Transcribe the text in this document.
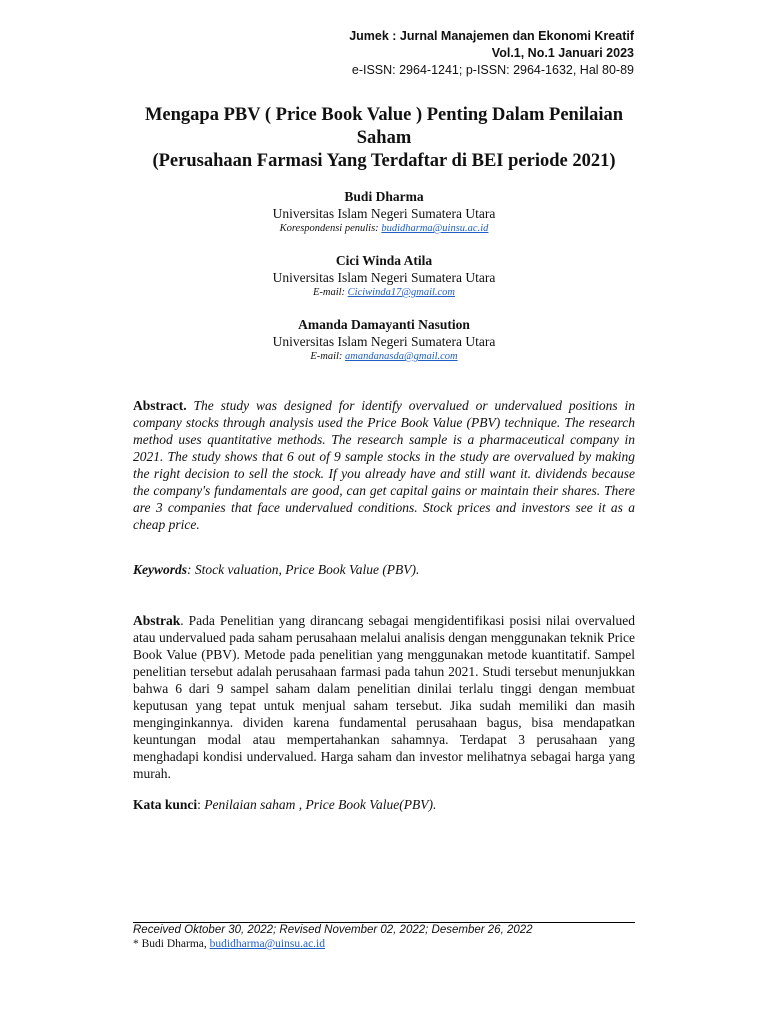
Jumek : Jurnal Manajemen dan Ekonomi Kreatif
Vol.1, No.1 Januari 2023
e-ISSN: 2964-1241; p-ISSN: 2964-1632, Hal 80-89
Mengapa PBV ( Price Book Value ) Penting Dalam Penilaian
Saham
(Perusahaan Farmasi Yang Terdaftar di BEI periode 2021)
Budi Dharma
Universitas Islam Negeri Sumatera Utara
Korespondensi penulis: budidharma@uinsu.ac.id
Cici Winda Atila
Universitas Islam Negeri Sumatera Utara
E-mail: Ciciwinda17@gmail.com
Amanda Damayanti Nasution
Universitas Islam Negeri Sumatera Utara
E-mail: amandanasda@gmail.com
Abstract. The study was designed for identify overvalued or undervalued positions in company stocks through analysis used the Price Book Value (PBV) technique. The research method uses quantitative methods. The research sample is a pharmaceutical company in 2021. The study shows that 6 out of 9 sample stocks in the study are overvalued by making the right decision to sell the stock. If you already have and still want it. dividends because the company's fundamentals are good, can get capital gains or maintain their shares. There are 3 companies that face undervalued conditions. Stock prices and investors see it as a cheap price.
Keywords: Stock valuation, Price Book Value (PBV).
Abstrak. Pada Penelitian yang dirancang sebagai mengidentifikasi posisi nilai overvalued atau undervalued pada saham perusahaan melalui analisis dengan menggunakan teknik Price Book Value (PBV). Metode pada penelitian yang menggunakan metode kuantitatif. Sampel penelitian tersebut adalah perusahaan farmasi pada tahun 2021. Studi tersebut menunjukkan bahwa 6 dari 9 sampel saham dalam penelitian dinilai terlalu tinggi dengan membuat keputusan yang tepat untuk menjual saham tersebut. Jika sudah memiliki dan masih menginginkannya. dividen karena fundamental perusahaan bagus, bisa mendapatkan keuntungan modal atau mempertahankan sahamnya. Terdapat 3 perusahaan yang menghadapi kondisi undervalued. Harga saham dan investor melihatnya sebagai harga yang murah.
Kata kunci: Penilaian saham , Price Book Value(PBV).
Received Oktober 30, 2022; Revised November 02, 2022; Desember 26, 2022
* Budi Dharma, budidharma@uinsu.ac.id
